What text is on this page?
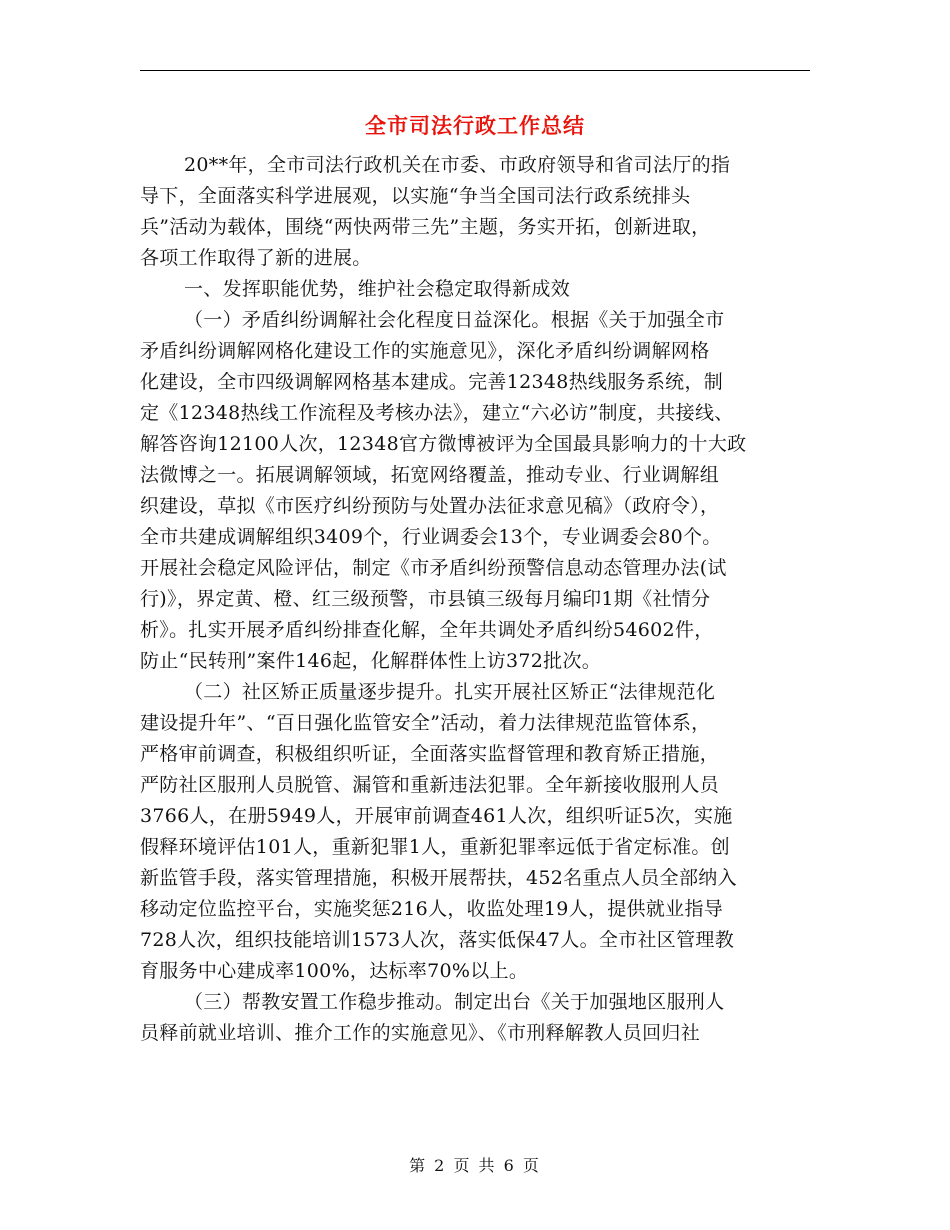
全市司法行政工作总结
20**年，全市司法行政机关在市委、市政府领导和省司法厅的指
导下，全面落实科学进展观，以实施“争当全国司法行政系统排头
兵”活动为载体，围绕“两快两带三先”主题，务实开拓，创新进取，
各项工作取得了新的进展。
一、发挥职能优势，维护社会稳定取得新成效
（一）矛盾纠纷调解社会化程度日益深化。根据《关于加强全市
矛盾纠纷调解网格化建设工作的实施意见》，深化矛盾纠纷调解网格
化建设，全市四级调解网格基本建成。完善12348热线服务系统，制
定《12348热线工作流程及考核办法》，建立“六必访”制度，共接线、
解答咨询12100人次，12348官方微博被评为全国最具影响力的十大政
法微博之一。拓展调解领域，拓宽网络覆盖，推动专业、行业调解组
织建设，草拟《市医疗纠纷预防与处置办法征求意见稿》（政府令），
全市共建成调解组织3409个，行业调委会13个，专业调委会80个。
开展社会稳定风险评估，制定《市矛盾纠纷预警信息动态管理办法(试
行)》，界定黄、橙、红三级预警，市县镇三级每月编印1期《社情分
析》。扎实开展矛盾纠纷排查化解，全年共调处矛盾纠纷54602件，
防止“民转刑”案件146起，化解群体性上访372批次。
（二）社区矫正质量逐步提升。扎实开展社区矫正“法律规范化
建设提升年”、“百日强化监管安全”活动，着力法律规范监管体系，
严格审前调查，积极组织听证，全面落实监督管理和教育矫正措施，
严防社区服刑人员脱管、漏管和重新违法犯罪。全年新接收服刑人员
3766人，在册5949人，开展审前调查461人次，组织听证5次，实施
假释环境评估101人，重新犯罪1人，重新犯罪率远低于省定标准。创
新监管手段，落实管理措施，积极开展帮扶，452名重点人员全部纳入
移动定位监控平台，实施奖惩216人，收监处理19人，提供就业指导
728人次，组织技能培训1573人次，落实低保47人。全市社区管理教
育服务中心建成率100%，达标率70%以上。
（三）帮教安置工作稳步推动。制定出台《关于加强地区服刑人
员释前就业培训、推介工作的实施意见》、《市刑释解教人员回归社
第 2 页 共 6 页
